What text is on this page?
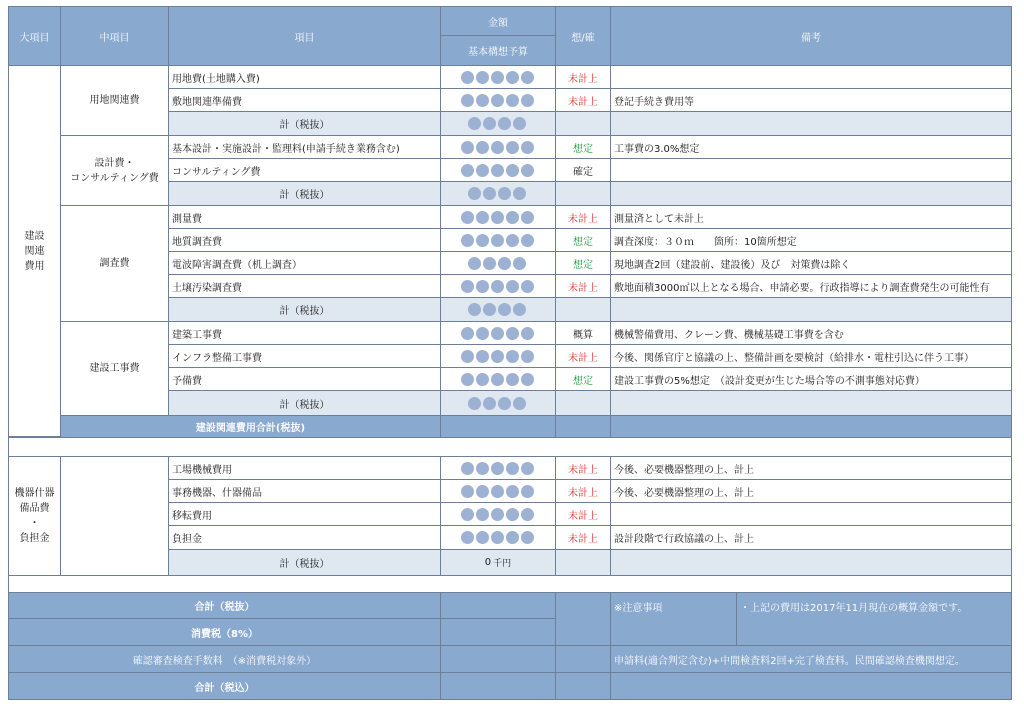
大項目	中項目	項目
金額
基本構想予算
想/確	備考
建設
関連
費用
用地関連費
用地費(土地購入費)	未計上
敷地関連準備費	未計上	登記手続き費用等
計（税抜）
設計費・
コンサルティング費
基本設計・実施設計・監理料(申請手続き業務含む)	想定	工事費の3.0%想定
コンサルティング費	確定
計（税抜）
調査費
測量費	未計上	測量済として未計上
地質調査費	想定	調査深度：３０ｍ　　箇所：10箇所想定
電波障害調査費（机上調査）	想定	現地調査2回（建設前、建設後）及び　対策費は除く
土壌汚染調査費	未計上	敷地面積3000㎡以上となる場合、申請必要。行政指導により調査費発生の可能性有
計（税抜）
建設工事費
建築工事費	概算	機械警備費用、クレーン費、機械基礎工事費を含む
インフラ整備工事費	未計上	今後、関係官庁と協議の上、整備計画を要検討（給排水・電柱引込に伴う工事）
予備費	想定	建設工事費の5%想定　（設計変更が生じた場合等の不測事態対応費）
計（税抜）
建設関連費用合計(税抜)
機器什器
備品費
・
負担金
工場機械費用	未計上	今後、必要機器整理の上、計上
事務機器、什器備品	未計上	今後、必要機器整理の上、計上
移転費用	未計上
負担金	未計上	設計段階で行政協議の上、計上
計（税抜）	0 千円
合計（税抜）	※注意事項	・上記の費用は2017年11月現在の概算金額です。
消費税（8%）
確認審査検査手数料　（※消費税対象外）	申請料(適合判定含む)+中間検査料2回+完了検査料。民間確認検査機関想定。
合計（税込）
